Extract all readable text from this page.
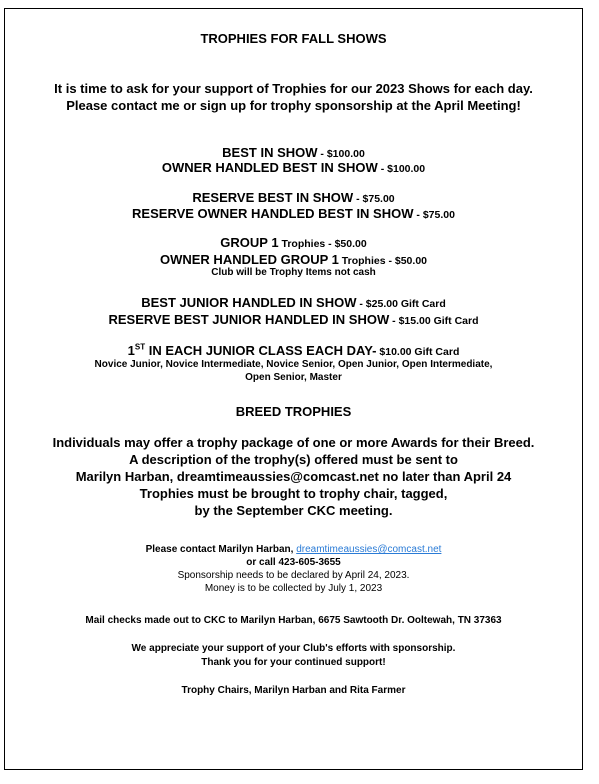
TROPHIES FOR FALL SHOWS
It is time to ask for your support of Trophies for our 2023 Shows for each day.
Please contact me or sign up for trophy sponsorship at the April Meeting!
BEST IN SHOW - $100.00
OWNER HANDLED BEST IN SHOW - $100.00
RESERVE BEST IN SHOW - $75.00
RESERVE OWNER HANDLED BEST IN SHOW - $75.00
GROUP 1 Trophies - $50.00
OWNER HANDLED GROUP 1 Trophies - $50.00
Club will be Trophy Items not cash
BEST JUNIOR HANDLED IN SHOW - $25.00 Gift Card
RESERVE BEST JUNIOR HANDLED IN SHOW - $15.00 Gift Card
1ST IN EACH JUNIOR CLASS EACH DAY- $10.00 Gift Card
Novice Junior, Novice Intermediate, Novice Senior, Open Junior, Open Intermediate,
Open Senior, Master
BREED TROPHIES
Individuals may offer a trophy package of one or more Awards for their Breed.
A description of the trophy(s) offered must be sent to
Marilyn Harban, dreamtimeaussies@comcast.net no later than April 24
Trophies must be brought to trophy chair, tagged,
by the September CKC meeting.
Please contact Marilyn Harban, dreamtimeaussies@comcast.net
or call 423-605-3655
Sponsorship needs to be declared by April 24, 2023.
Money is to be collected by July 1, 2023
Mail checks made out to CKC to Marilyn Harban, 6675 Sawtooth Dr. Ooltewah, TN 37363
We appreciate your support of your Club's efforts with sponsorship.
Thank you for your continued support!
Trophy Chairs, Marilyn Harban and Rita Farmer
